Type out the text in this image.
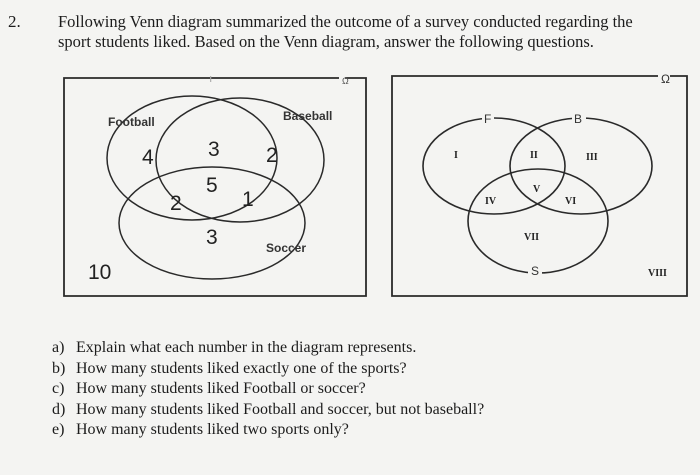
2. Following Venn diagram summarized the outcome of a survey conducted regarding the
sport students liked. Based on the Venn diagram, answer the following questions.
Ω
I
Football	Baseball
Soccer
4	3 2
5
2	1
3
10
Ω
F	B
S
I	II	III
IV
V
VI
VII
VIII
a) Explain what each number in the diagram represents.
b) How many students liked exactly one of the sports?
c) How many students liked Football or soccer?
d) How many students liked Football and soccer, but not baseball?
e) How many students liked two sports only?
